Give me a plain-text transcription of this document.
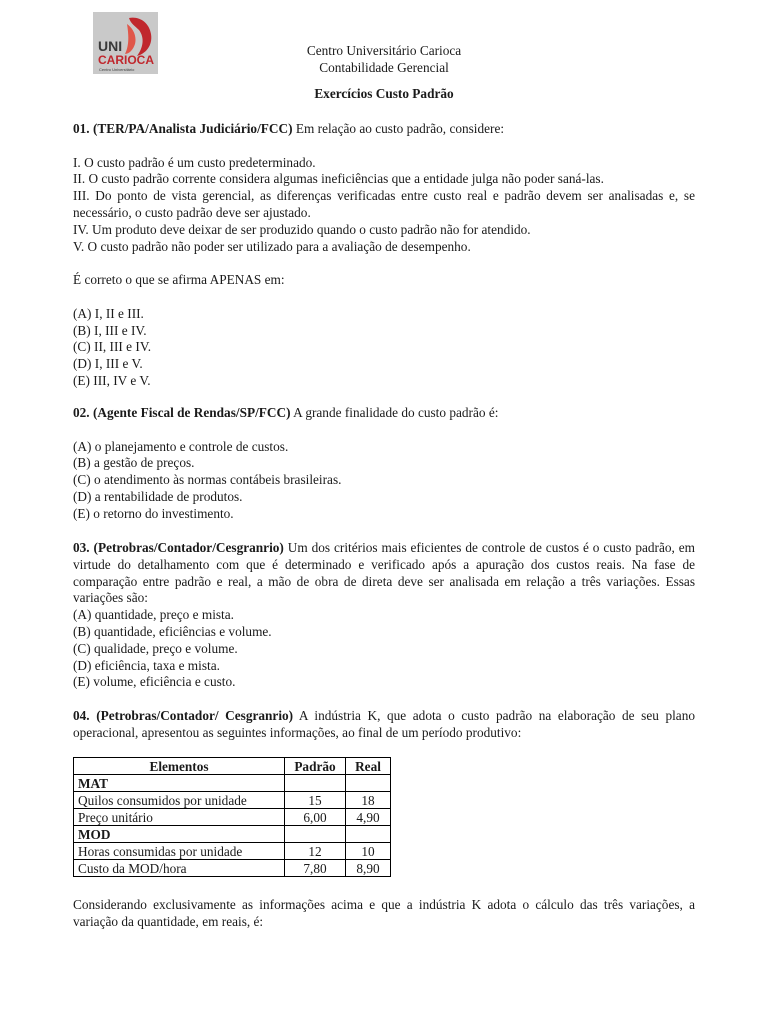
UNI
CARIOCA
Centro Universitário
Centro Universitário Carioca
Contabilidade Gerencial
Exercícios Custo Padrão

01. (TER/PA/Analista Judiciário/FCC) Em relação ao custo padrão, considere:

I. O custo padrão é um custo predeterminado.

II. O custo padrão corrente considera algumas ineficiências que a entidade julga não poder saná-las.

III. Do ponto de vista gerencial, as diferenças verificadas entre custo real e padrão devem ser analisadas e, se necessário, o custo padrão deve ser ajustado.

IV. Um produto deve deixar de ser produzido quando o custo padrão não for atendido.

V. O custo padrão não poder ser utilizado para a avaliação de desempenho.

É correto o que se afirma APENAS em:

(A) I, II e III.

(B) I, III e IV.

(C) II, III e IV.

(D) I, III e V.

(E) III, IV e V.

02. (Agente Fiscal de Rendas/SP/FCC) A grande finalidade do custo padrão é:

(A) o planejamento e controle de custos.

(B) a gestão de preços.

(C) o atendimento às normas contábeis brasileiras.

(D) a rentabilidade de produtos.

(E) o retorno do investimento.

03. (Petrobras/Contador/Cesgranrio) Um dos critérios mais eficientes de controle de custos é o custo padrão, em virtude do detalhamento com que é determinado e verificado após a apuração dos custos reais. Na fase de comparação entre padrão e real, a mão de obra de direta deve ser analisada em relação a três variações. Essas variações são:

(A) quantidade, preço e mista.

(B) quantidade, eficiências e volume.

(C) qualidade, preço e volume.

(D) eficiência, taxa e mista.

(E) volume, eficiência e custo.

04. (Petrobras/Contador/ Cesgranrio) A indústria K, que adota o custo padrão na elaboração de seu plano operacional, apresentou as seguintes informações, ao final de um período produtivo:

Elementos	Padrão	Real
MAT		
Quilos consumidos por unidade	15	18
Preço unitário	6,00	4,90
MOD		
Horas consumidas por unidade	12	10
Custo da MOD/hora	7,80	8,90

Considerando exclusivamente as informações acima e que a indústria K adota o cálculo das três variações, a variação da quantidade, em reais, é:
